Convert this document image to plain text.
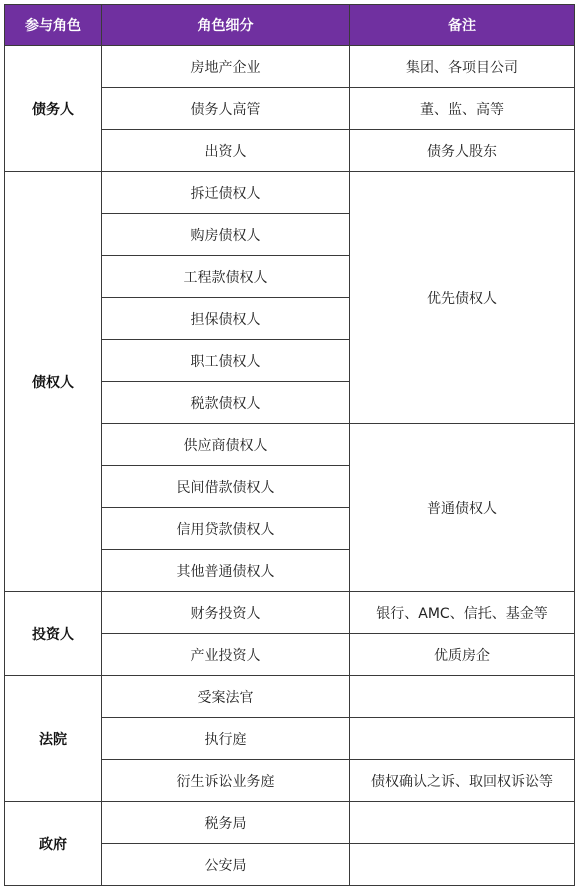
参与角色	角色细分	备注
债务人	房地产企业	集团、各项目公司
	债务人高管	董、监、高等
	出资人	债务人股东
债权人	拆迁债权人	优先债权人
	购房债权人	
	工程款债权人	
	担保债权人	
	职工债权人	
	税款债权人	
	供应商债权人	普通债权人
	民间借款债权人	
	信用贷款债权人	
	其他普通债权人	
投资人	财务投资人	银行、AMC、信托、基金等
	产业投资人	优质房企
法院	受案法官	
	执行庭	
	衍生诉讼业务庭	债权确认之诉、取回权诉讼等
政府	税务局	
	公安局	
